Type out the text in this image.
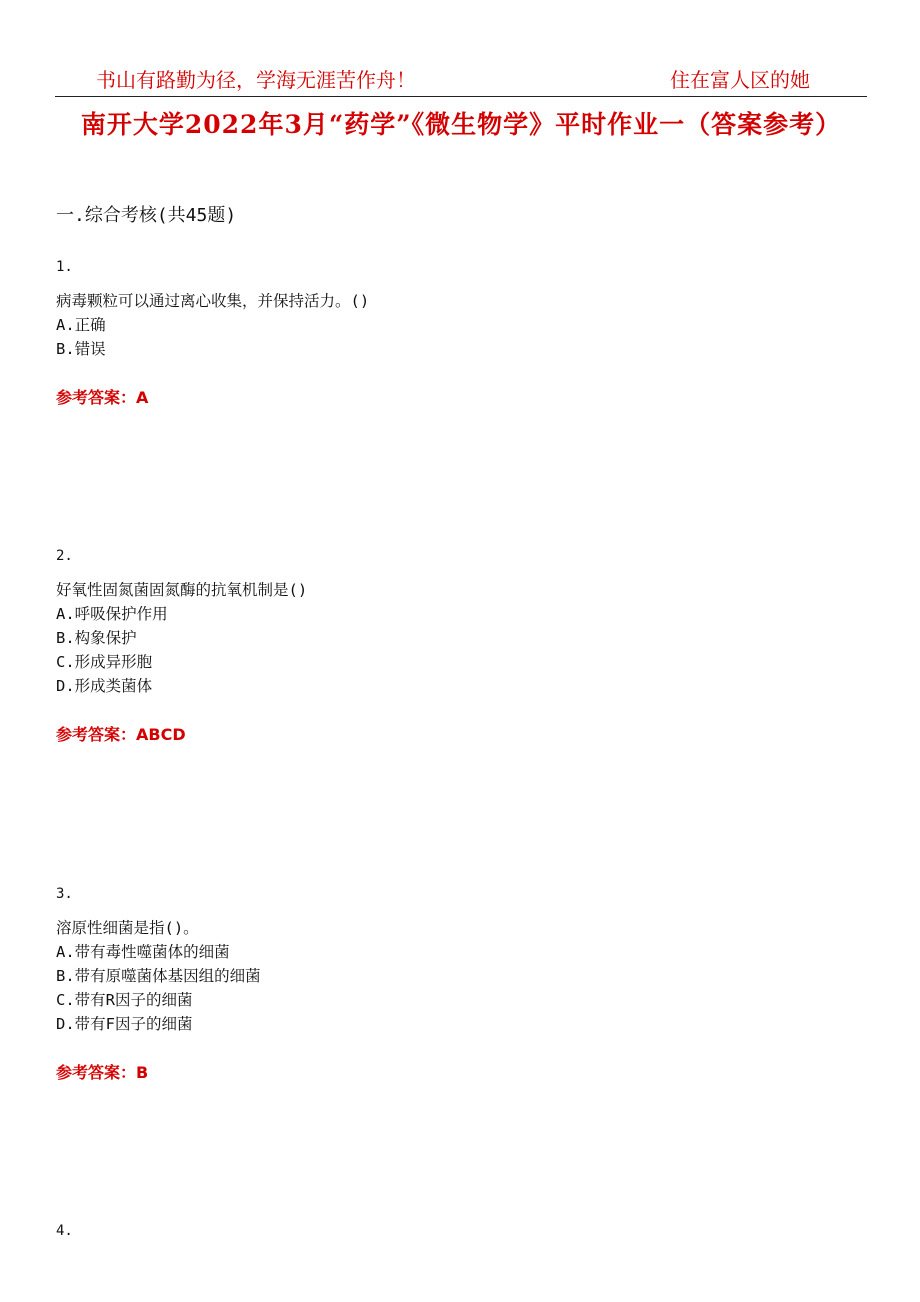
书山有路勤为径，学海无涯苦作舟！	住在富人区的她
南开大学2022年3月“药学”《微生物学》平时作业一（答案参考）
一.综合考核(共45题)
1.
病毒颗粒可以通过离心收集，并保持活力。()
A.正确
B.错误
参考答案：A
2.
好氧性固氮菌固氮酶的抗氧机制是()
A.呼吸保护作用
B.构象保护
C.形成异形胞
D.形成类菌体
参考答案：ABCD
3.
溶原性细菌是指()。
A.带有毒性噬菌体的细菌
B.带有原噬菌体基因组的细菌
C.带有R因子的细菌
D.带有F因子的细菌
参考答案：B
4.
